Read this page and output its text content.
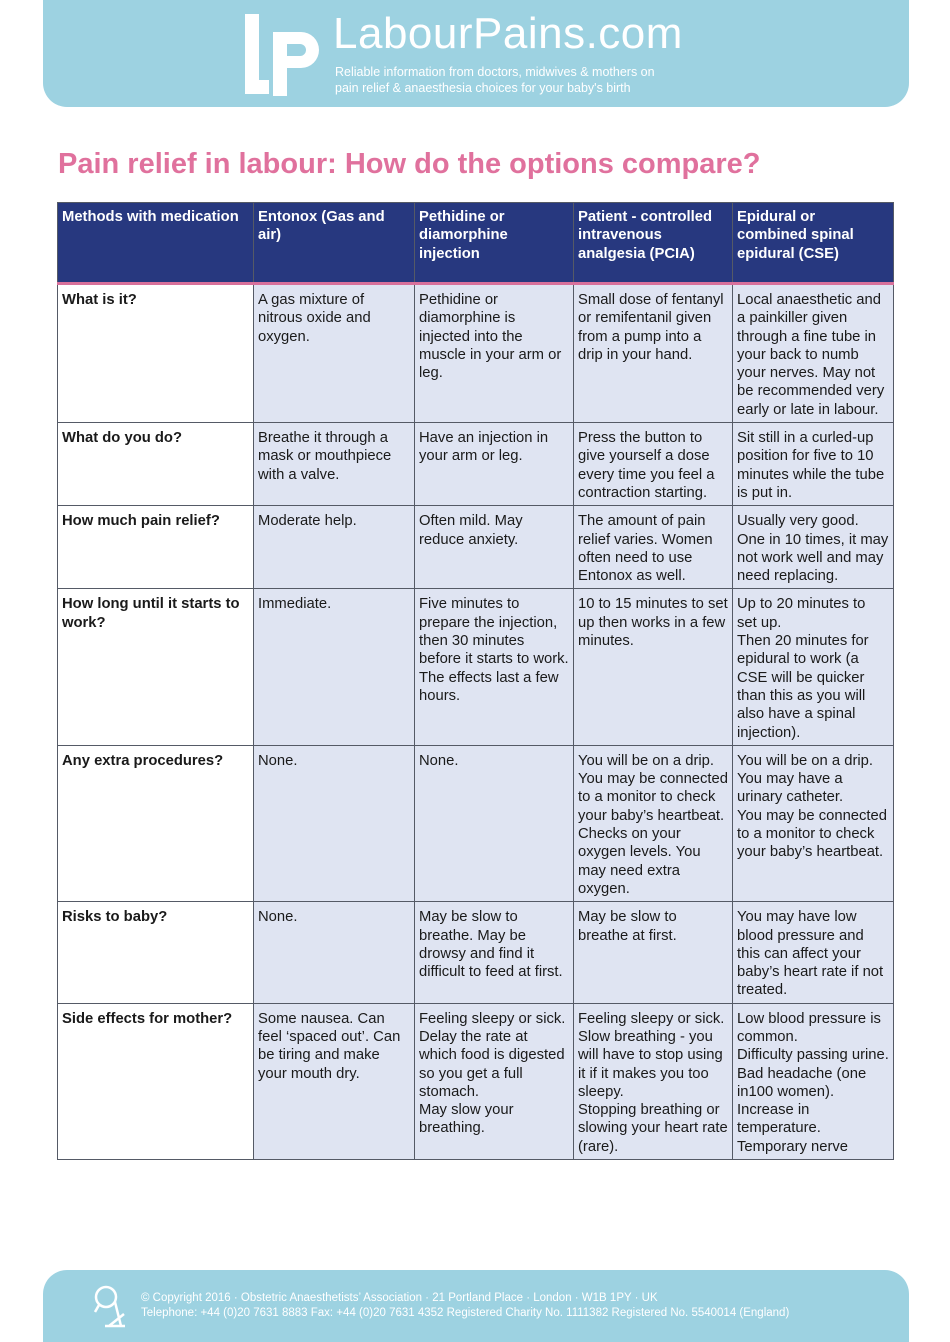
LabourPains.com
Reliable information from doctors, midwives & mothers on
pain relief & anaesthesia choices for your baby's birth
Pain relief in labour: How do the options compare?
Methods with medication	Entonox (Gas and air)	Pethidine or diamorphine injection	Patient - controlled intravenous analgesia (PCIA)	Epidural or combined spinal epidural (CSE)
What is it?	A gas mixture of nitrous oxide and oxygen.	Pethidine or diamorphine is injected into the muscle in your arm or leg.	Small dose of fentanyl or remifentanil given from a pump into a drip in your hand.	Local anaesthetic and a painkiller given through a fine tube in your back to numb your nerves. May not be recommended very early or late in labour.

What do you do?	Breathe it through a mask or mouthpiece with a valve.	Have an injection in your arm or leg.	Press the button to give yourself a dose every time you feel a contraction starting.	Sit still in a curled-up position for five to 10 minutes while the tube is put in.

How much pain relief?	Moderate help.	Often mild. May reduce anxiety.	The amount of pain relief varies. Women often need to use Entonox as well.	Usually very good. One in 10 times, it may not work well and may need replacing.

How long until it starts to work?	Immediate.	Five minutes to prepare the injection, then 30 minutes before it starts to work. The effects last a few hours.	10 to 15 minutes to set up then works in a few minutes.	Up to 20 minutes to set up.
Then 20 minutes for epidural to work (a CSE will be quicker than this as you will also have a spinal injection).

Any extra procedures?	None.	None.	You will be on a drip.
You may be connected to a monitor to check your baby’s heartbeat.
Checks on your oxygen levels. You may need extra oxygen.	You will be on a drip.
You may have a urinary catheter.
You may be connected to a monitor to check your baby’s heartbeat.

Risks to baby?	None.	May be slow to breathe. May be drowsy and find it difficult to feed at first.	May be slow to breathe at first.	You may have low blood pressure and this can affect your baby’s heart rate if not treated.

Side effects for mother?	Some nausea. Can feel ‘spaced out’. Can be tiring and make your mouth dry.	Feeling sleepy or sick.
Delay the rate at which food is digested so you get a full stomach.
May slow your breathing.	Feeling sleepy or sick.
Slow breathing - you will have to stop using it if it makes you too sleepy.
Stopping breathing or slowing your heart rate (rare).	Low blood pressure is common.
Difficulty passing urine.
Bad headache (one in100 women).
Increase in temperature.
Temporary nerve
© Copyright 2016 · Obstetric Anaesthetists’ Association · 21 Portland Place · London · W1B 1PY · UK
Telephone: +44 (0)20 7631 8883 Fax: +44 (0)20 7631 4352 Registered Charity No. 1111382 Registered No. 5540014 (England)
